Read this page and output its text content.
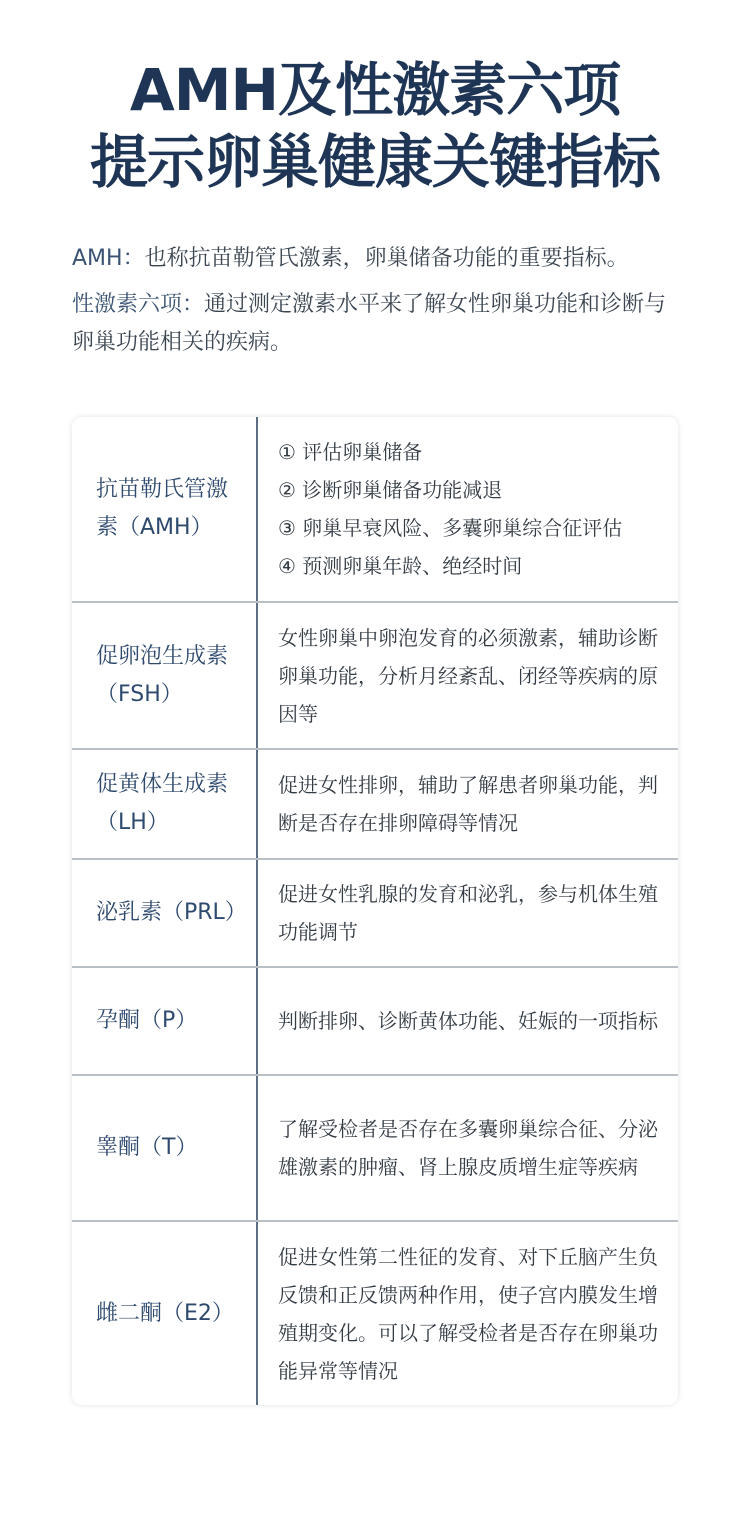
AMH及性激素六项
提示卵巢健康关键指标

AMH：也称抗苗勒管氏激素，卵巢储备功能的重要指标。

性激素六项：通过测定激素水平来了解女性卵巢功能和诊断与 卵巢功能相关的疾病。

抗苗勒氏管激素（AMH）
① 评估卵巢储备
② 诊断卵巢储备功能减退
③ 卵巢早衰风险、多囊卵巢综合征评估
④ 预测卵巢年龄、绝经时间
促卵泡生成素（FSH）
女性卵巢中卵泡发育的必须激素，辅助诊断卵巢功能，分析月经紊乱、闭经等疾病的原因等
促黄体生成素（LH）
促进女性排卵，辅助了解患者卵巢功能，判断是否存在排卵障碍等情况
泌乳素（PRL）
促进女性乳腺的发育和泌乳，参与机体生殖功能调节
孕酮（P）	判断排卵、诊断黄体功能、妊娠的一项指标
睾酮（T）
了解受检者是否存在多囊卵巢综合征、分泌雄激素的肿瘤、肾上腺皮质增生症等疾病
雌二酮（E2）
促进女性第二性征的发育、对下丘脑产生负反馈和正反馈两种作用，使子宫内膜发生增殖期变化。可以了解受检者是否存在卵巢功能异常等情况
